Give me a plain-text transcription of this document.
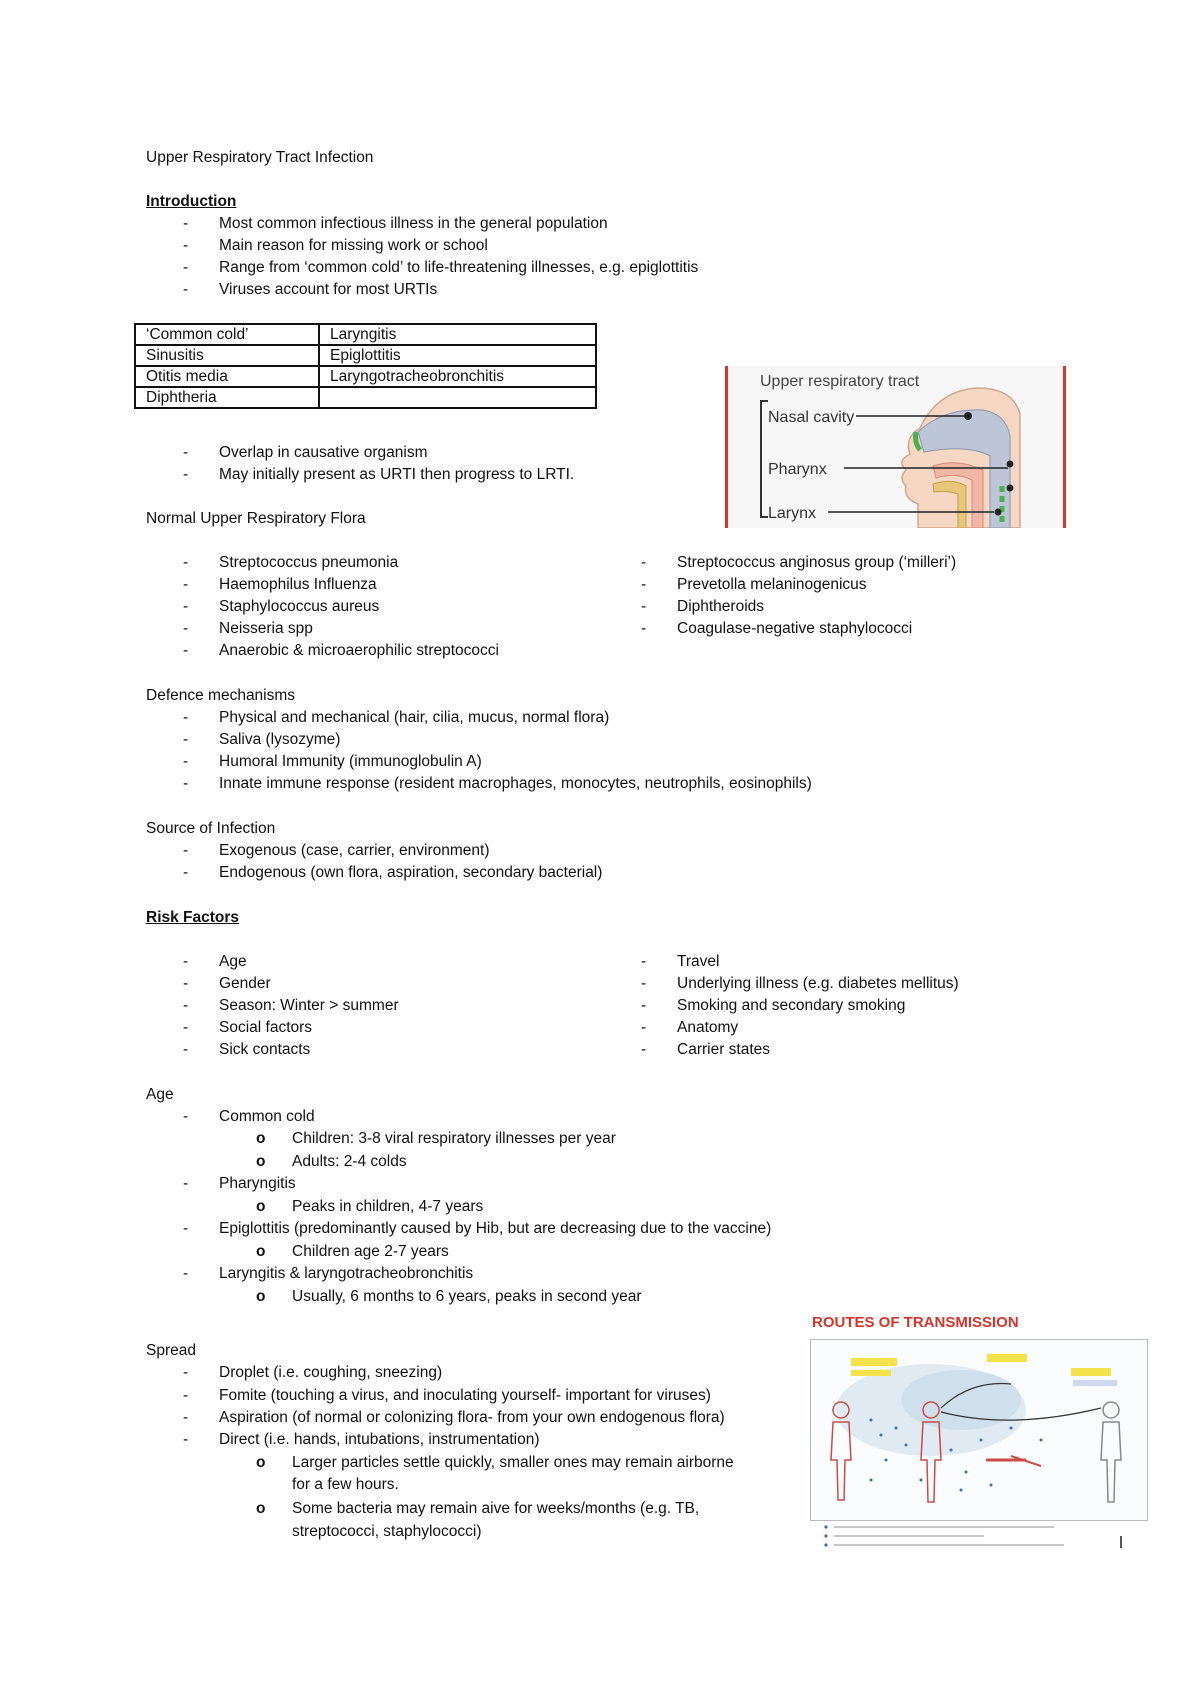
Upper Respiratory Tract Infection
Introduction
- Most common infectious illness in the general population
- Main reason for missing work or school
- Range from ‘common cold’ to life-threatening illnesses, e.g. epiglottitis
- Viruses account for most URTIs
‘Common cold’	Laryngitis
Sinusitis	Epiglottitis
Otitis media	Laryngotracheobronchitis
Diphtheria	
- Overlap in causative organism
- May initially present as URTI then progress to LRTI.
Upper respiratory tract
Nasal cavity
Pharynx
Larynx
Normal Upper Respiratory Flora
- Streptococcus pneumonia
- Haemophilus Influenza
- Staphylococcus aureus
- Neisseria spp
- Anaerobic & microaerophilic streptococci
- Streptococcus anginosus group (‘milleri’)
- Prevetolla melaninogenicus
- Diphtheroids
- Coagulase-negative staphylococci
Defence mechanisms
- Physical and mechanical (hair, cilia, mucus, normal flora)
- Saliva (lysozyme)
- Humoral Immunity (immunoglobulin A)
- Innate immune response (resident macrophages, monocytes, neutrophils, eosinophils)
Source of Infection
- Exogenous (case, carrier, environment)
- Endogenous (own flora, aspiration, secondary bacterial)
Risk Factors
- Age
- Gender
- Season: Winter > summer
- Social factors
- Sick contacts
- Travel
- Underlying illness (e.g. diabetes mellitus)
- Smoking and secondary smoking
- Anatomy
- Carrier states
Age
- Common cold
o Children: 3-8 viral respiratory illnesses per year
o Adults: 2-4 colds
- Pharyngitis
o Peaks in children, 4-7 years
- Epiglottitis (predominantly caused by Hib, but are decreasing due to the vaccine)
o Children age 2-7 years
- Laryngitis & laryngotracheobronchitis
o Usually, 6 months to 6 years, peaks in second year
Spread
- Droplet (i.e. coughing, sneezing)
- Fomite (touching a virus, and inoculating yourself- important for viruses)
- Aspiration (of normal or colonizing flora- from your own endogenous flora)
- Direct (i.e. hands, intubations, instrumentation)
o Larger particles settle quickly, smaller ones may remain airborne
for a few hours.
o Some bacteria may remain aive for weeks/months (e.g. TB,
streptococci, staphylococci)
ROUTES OF TRANSMISSION
